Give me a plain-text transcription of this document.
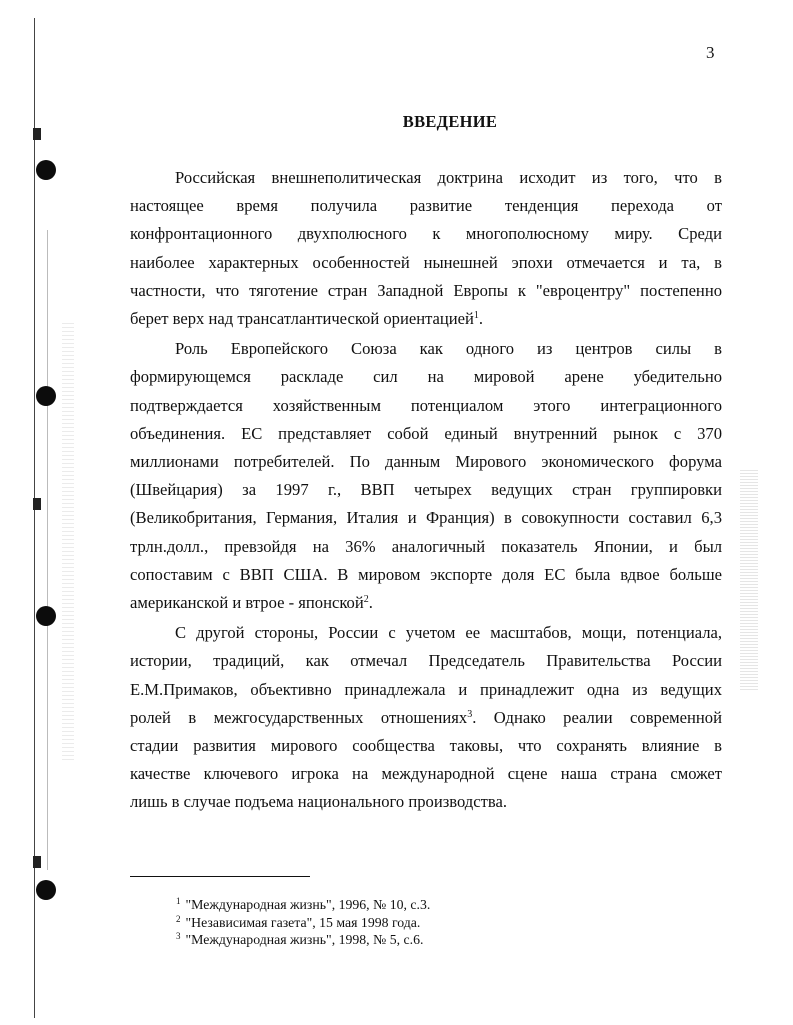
3
ВВЕДЕНИЕ
Российская внешнеполитическая доктрина исходит из того, что в
настоящее время получила развитие тенденция перехода от
конфронтационного двухполюсного к многополюсному миру. Среди
наиболее характерных особенностей нынешней эпохи отмечается и та, в
частности, что тяготение стран Западной Европы к "евроцентру" постепенно
берет верх над трансатлантической ориентацией$^1$.
Роль Европейского Союза как одного из центров силы в
формирующемся раскладе сил на мировой арене убедительно
подтверждается хозяйственным потенциалом этого интеграционного
объединения. ЕС представляет собой единый внутренний рынок с 370
миллионами потребителей. По данным Мирового экономического форума
(Швейцария) за 1997 г., ВВП четырех ведущих стран группировки
(Великобритания, Германия, Италия и Франция) в совокупности составил 6,3
трлн.долл., превзойдя на 36% аналогичный показатель Японии, и был
сопоставим с ВВП США. В мировом экспорте доля ЕС была вдвое больше
американской и втрое - японской$^2$.
С другой стороны, России с учетом ее масштабов, мощи, потенциала,
истории, традиций, как отмечал Председатель Правительства России
Е.М.Примаков, объективно принадлежала и принадлежит одна из ведущих
ролей в межгосударственных отношениях$^3$. Однако реалии современной
стадии развития мирового сообщества таковы, что сохранять влияние в
качестве ключевого игрока на международной сцене наша страна сможет
лишь в случае подъема национального производства.
$^1$ "Международная жизнь", 1996, № 10, с.3.
$^2$ "Независимая газета", 15 мая 1998 года.
$^3$ "Международная жизнь", 1998, № 5, с.6.
